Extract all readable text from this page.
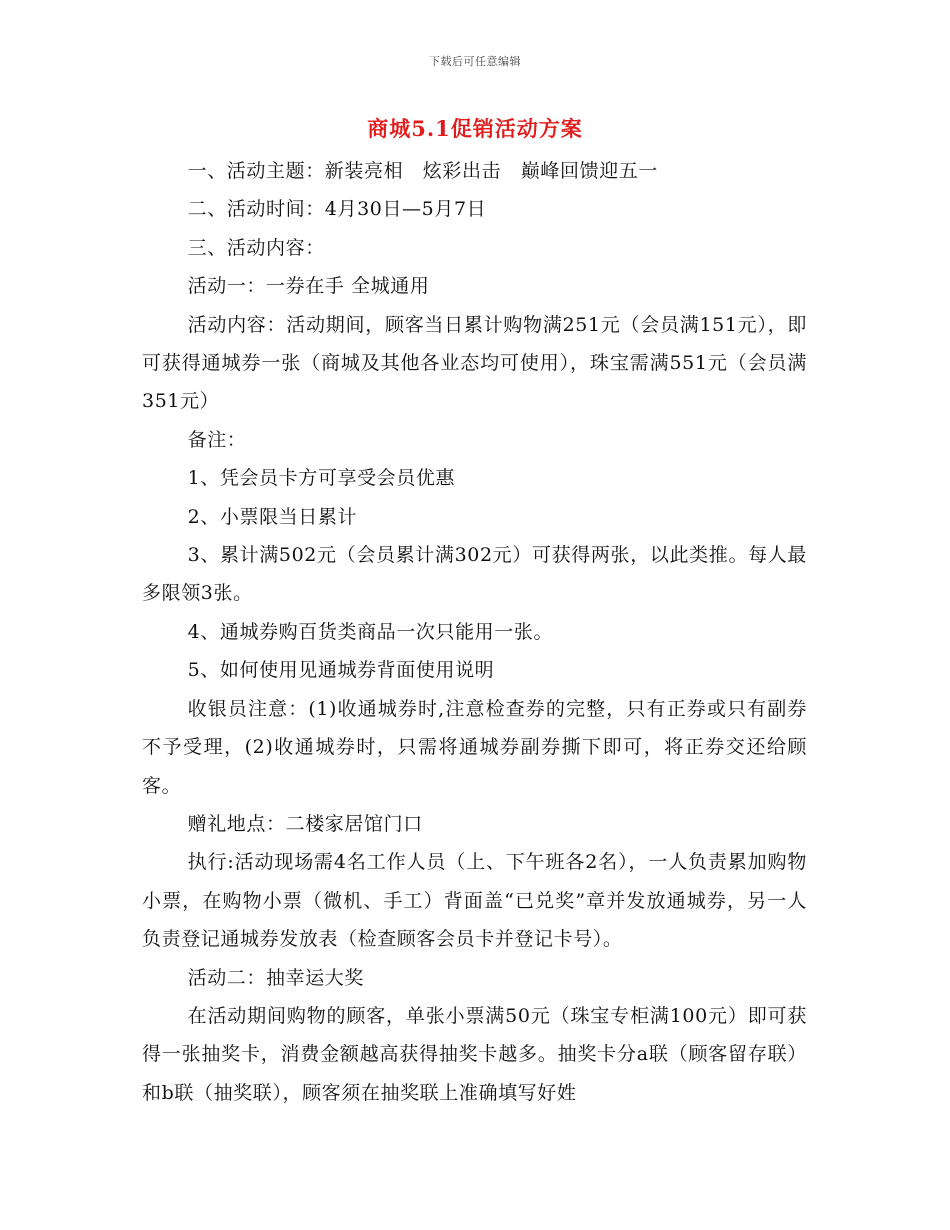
下载后可任意编辑
商城5.1促销活动方案

一、活动主题：新装亮相　炫彩出击　巅峰回馈迎五一

二、活动时间：4月30日—5月7日

三、活动内容：

活动一：一券在手 全城通用

活动内容：活动期间，顾客当日累计购物满251元（会员满151元），即可获得通城券一张（商城及其他各业态均可使用），珠宝需满551元（会员满351元）

备注：

1、凭会员卡方可享受会员优惠

2、小票限当日累计

3、累计满502元（会员累计满302元）可获得两张，以此类推。每人最多限领3张。

4、通城券购百货类商品一次只能用一张。

5、如何使用见通城券背面使用说明

收银员注意：(1)收通城券时,注意检查券的完整，只有正券或只有副券不予受理，(2)收通城券时，只需将通城券副券撕下即可，将正券交还给顾客。

赠礼地点：二楼家居馆门口

执行:活动现场需4名工作人员（上、下午班各2名），一人负责累加购物小票，在购物小票（微机、手工）背面盖“已兑奖”章并发放通城券，另一人负责登记通城券发放表（检查顾客会员卡并登记卡号）。

活动二：抽幸运大奖

在活动期间购物的顾客，单张小票满50元（珠宝专柜满100元）即可获得一张抽奖卡，消费金额越高获得抽奖卡越多。抽奖卡分a联（顾客留存联）和b联（抽奖联），顾客须在抽奖联上准确填写好姓
